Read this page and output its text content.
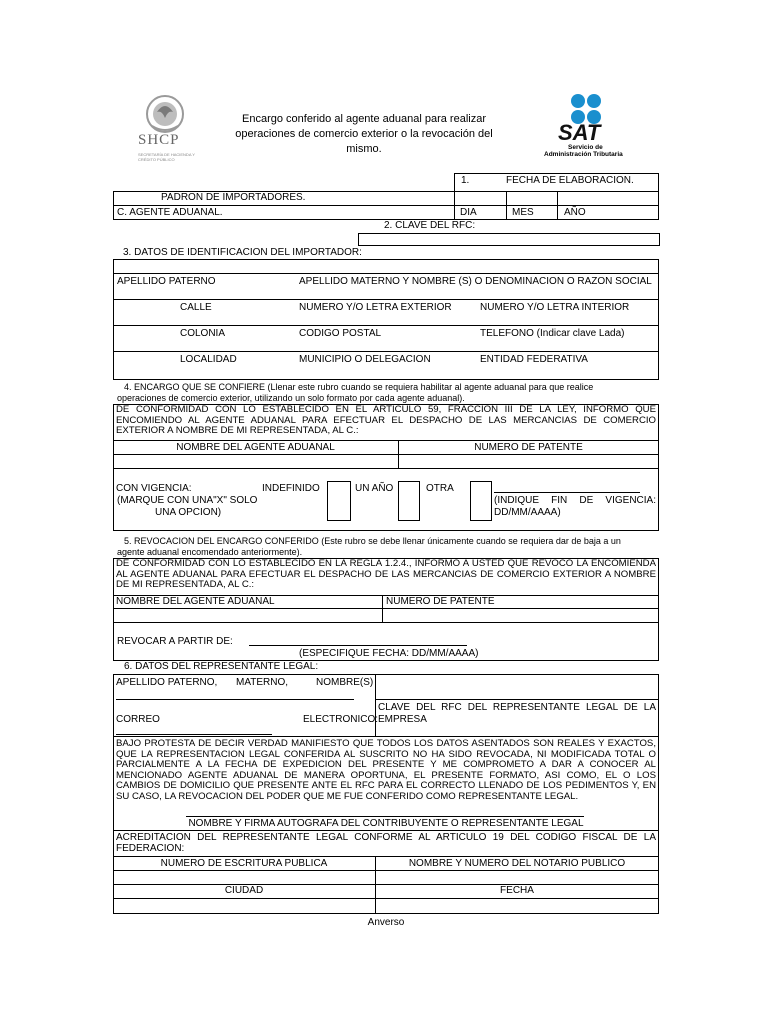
SHCP
SECRETARÍA DE HACIENDA Y CRÉDITO PÚBLICO
Encargo conferido al agente aduanal para realizar operaciones de comercio exterior o la revocación del mismo.
SAT
Servicio de
Administración Tributaria
1.	FECHA DE ELABORACION.
PADRON DE IMPORTADORES.
C. AGENTE ADUANAL.	DIA	MES	AÑO
2. CLAVE DEL RFC:
3. DATOS DE IDENTIFICACION DEL IMPORTADOR:
APELLIDO PATERNO	APELLIDO MATERNO Y NOMBRE (S) O DENOMINACION O RAZON SOCIAL
CALLE	NUMERO Y/O LETRA EXTERIOR	NUMERO Y/O LETRA INTERIOR
COLONIA	CODIGO POSTAL	TELEFONO (Indicar clave Lada)
LOCALIDAD	MUNICIPIO O DELEGACION	ENTIDAD FEDERATIVA
4. ENCARGO QUE SE CONFIERE (Llenar este rubro cuando se requiera habilitar al agente aduanal para que realice
operaciones de comercio exterior, utilizando un solo formato por cada agente aduanal).
DE CONFORMIDAD CON LO ESTABLECIDO EN EL ARTICULO 59, FRACCION III DE LA LEY, INFORMO QUE ENCOMIENDO AL AGENTE ADUANAL PARA EFECTUAR EL DESPACHO DE LAS MERCANCIAS DE COMERCIO EXTERIOR A NOMBRE DE MI REPRESENTADA, AL C.:
NOMBRE DEL AGENTE ADUANAL	NUMERO DE PATENTE
CON VIGENCIA:
(MARQUE CON UNA"X" SOLO
UNA OPCION)
INDEFINIDO	UN AÑO	OTRA
(INDIQUE FIN DE VIGENCIA: DD/MM/AAAA)
5. REVOCACION DEL ENCARGO CONFERIDO (Este rubro se debe llenar únicamente cuando se requiera dar de baja a un
agente aduanal encomendado anteriormente).
DE CONFORMIDAD CON LO ESTABLECIDO EN LA REGLA 1.2.4., INFORMO A USTED QUE REVOCO LA ENCOMIENDA AL AGENTE ADUANAL PARA EFECTUAR EL DESPACHO DE LAS MERCANCIAS DE COMERCIO EXTERIOR A NOMBRE DE MI REPRESENTADA, AL C.:
NOMBRE DEL AGENTE ADUANAL	NUMERO DE PATENTE
REVOCAR A PARTIR DE:
(ESPECIFIQUE FECHA: DD/MM/AAAA)
6. DATOS DEL REPRESENTANTE LEGAL:
APELLIDO PATERNO, MATERNO,	NOMBRE(S)
CORREO	ELECTRONICO:
CLAVE DEL RFC DEL REPRESENTANTE LEGAL DE LA EMPRESA
BAJO PROTESTA DE DECIR VERDAD MANIFIESTO QUE TODOS LOS DATOS ASENTADOS SON REALES Y EXACTOS, QUE LA REPRESENTACION LEGAL CONFERIDA AL SUSCRITO NO HA SIDO REVOCADA, NI MODIFICADA TOTAL O PARCIALMENTE A LA FECHA DE EXPEDICION DEL PRESENTE Y ME COMPROMETO A DAR A CONOCER AL MENCIONADO AGENTE ADUANAL DE MANERA OPORTUNA, EL PRESENTE FORMATO, ASI COMO, EL O LOS CAMBIOS DE DOMICILIO QUE PRESENTE ANTE EL RFC PARA EL CORRECTO LLENADO DE LOS PEDIMENTOS Y, EN SU CASO, LA REVOCACION DEL PODER QUE ME FUE CONFERIDO COMO REPRESENTANTE LEGAL.
NOMBRE Y FIRMA AUTOGRAFA DEL CONTRIBUYENTE O REPRESENTANTE LEGAL
ACREDITACION DEL REPRESENTANTE LEGAL CONFORME AL ARTICULO 19 DEL CODIGO FISCAL DE LA FEDERACION:
NUMERO DE ESCRITURA PUBLICA	NOMBRE Y NUMERO DEL NOTARIO PUBLICO
CIUDAD	FECHA
Anverso
